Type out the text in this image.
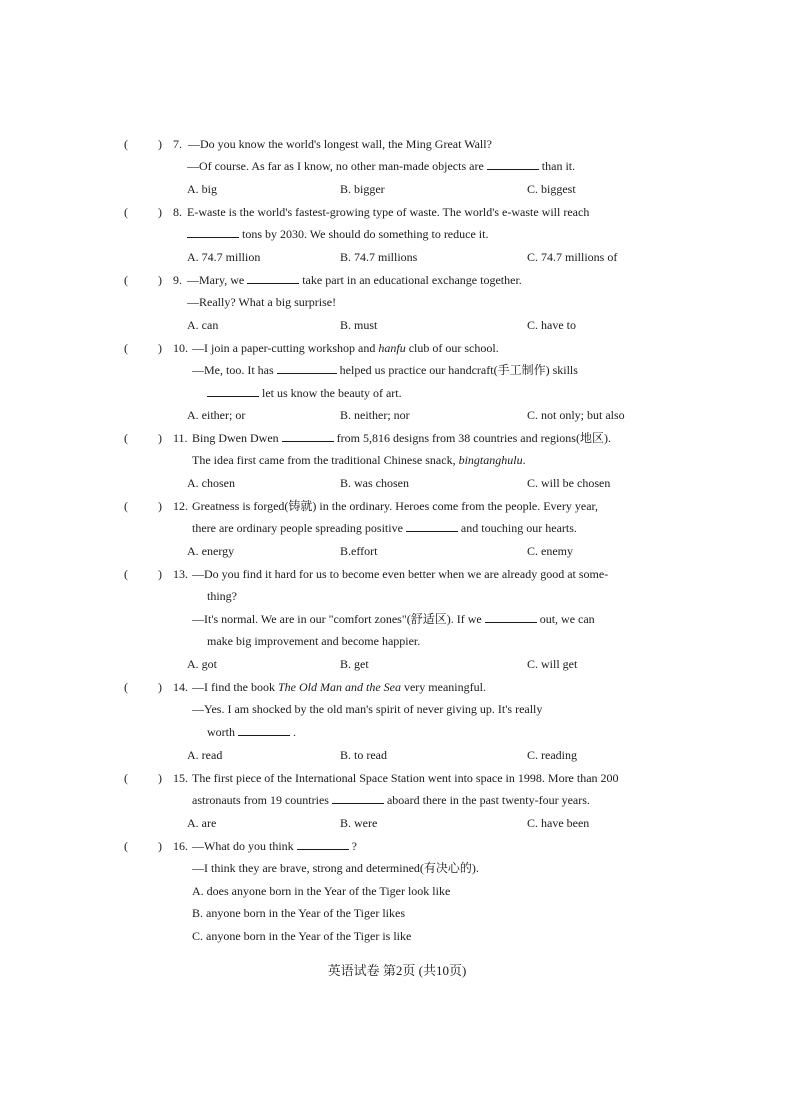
(	) 7. —Do you know the world's longest wall, the Ming Great Wall?
—Of course. As far as I know, no other man-made objects are	than it.
A. big	B. bigger	C. biggest
(	) 8. E-waste is the world's fastest-growing type of waste. The world's e-waste will reach
tons by 2030. We should do something to reduce it.
A. 74.7 million	B. 74.7 millions	C. 74.7 millions of
(	) 9. —Mary, we	take part in an educational exchange together.
—Really? What a big surprise!
A. can	B. must	C. have to
(	) 10. —I join a paper-cutting workshop and hanfu club of our school.
—Me, too. It has	helped us practice our handcraft(手工制作) skills
let us know the beauty of art.
A. either; or	B. neither; nor	C. not only; but also
(	) 11. Bing Dwen Dwen	from 5,816 designs from 38 countries and regions(地区).
The idea first came from the traditional Chinese snack, bingtanghulu.
A. chosen	B. was chosen	C. will be chosen
(	) 12. Greatness is forged(铸就) in the ordinary. Heroes come from the people. Every year,
there are ordinary people spreading positive	and touching our hearts.
A. energy	B.effort	C. enemy
(	) 13. —Do you find it hard for us to become even better when we are already good at some-
thing?
—It's normal. We are in our "comfort zones"(舒适区). If we	out, we can
make big improvement and become happier.
A. got	B. get	C. will get
(	) 14. —I find the book The Old Man and the Sea very meaningful.
—Yes. I am shocked by the old man's spirit of never giving up. It's really
worth	.
A. read	B. to read	C. reading
(	) 15. The first piece of the International Space Station went into space in 1998. More than 200
astronauts from 19 countries	aboard there in the past twenty-four years.
A. are	B. were	C. have been
(	) 16. —What do you think	?
—I think they are brave, strong and determined(有决心的).
A. does anyone born in the Year of the Tiger look like
B. anyone born in the Year of the Tiger likes
C. anyone born in the Year of the Tiger is like
英语试卷 第2页 (共10页)
